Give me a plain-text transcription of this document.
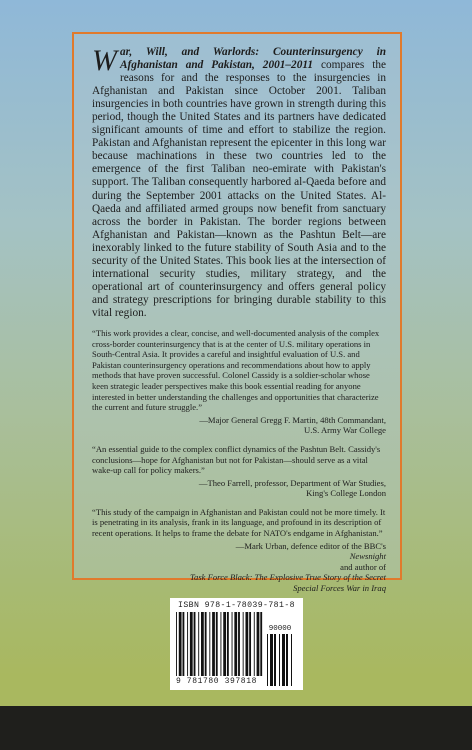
War, Will, and Warlords: Counterinsurgency in Afghanistan and Pakistan, 2001–2011 compares the reasons for and the responses to the insurgencies in Afghanistan and Pakistan since October 2001. Taliban insurgencies in both countries have grown in strength during this period, though the United States and its partners have dedicated significant amounts of time and effort to stabilize the region. Pakistan and Afghanistan represent the epicenter in this long war because machinations in these two countries led to the emergence of the first Taliban neo-emirate with Pakistan's support. The Taliban consequently harbored al-Qaeda before and during the September 2001 attacks on the United States. Al-Qaeda and affiliated armed groups now benefit from sanctuary across the border in Pakistan. The border regions between Afghanistan and Pakistan—known as the Pashtun Belt—are inexorably linked to the future stability of South Asia and to the security of the United States. This book lies at the intersection of international security studies, military strategy, and the operational art of counterinsurgency and offers general policy and strategy prescriptions for bringing durable stability to this vital region.

“This work provides a clear, concise, and well-documented analysis of the complex cross-border counterinsurgency that is at the center of U.S. military operations in South-Central Asia. It provides a careful and insightful evaluation of U.S. and Pakistan counterinsurgency operations and recommendations about how to apply methods that have proven successful. Colonel Cassidy is a soldier-scholar whose keen strategic leader perspectives make this book essential reading for anyone interested in better understanding the challenges and opportunities that characterize the current and future struggle.”

—Major General Gregg F. Martin, 48th Commandant,
U.S. Army War College

“An essential guide to the complex conflict dynamics of the Pashtun Belt. Cassidy's conclusions—hope for Afghanistan but not for Pakistan—should serve as a vital wake-up call for policy makers.”

—Theo Farrell, professor, Department of War Studies,
King's College London

“This study of the campaign in Afghanistan and Pakistan could not be more timely. It is penetrating in its analysis, frank in its language, and profound in its description of recent operations. It helps to frame the debate for NATO's endgame in Afghanistan.”

—Mark Urban, defence editor of the BBC's
Newsnight
and author of
Task Force Black: The Explosive True Story of the Secret
Special Forces War in Iraq

ISBN 978-1-78039-781-8
9 781780 397818
90000
